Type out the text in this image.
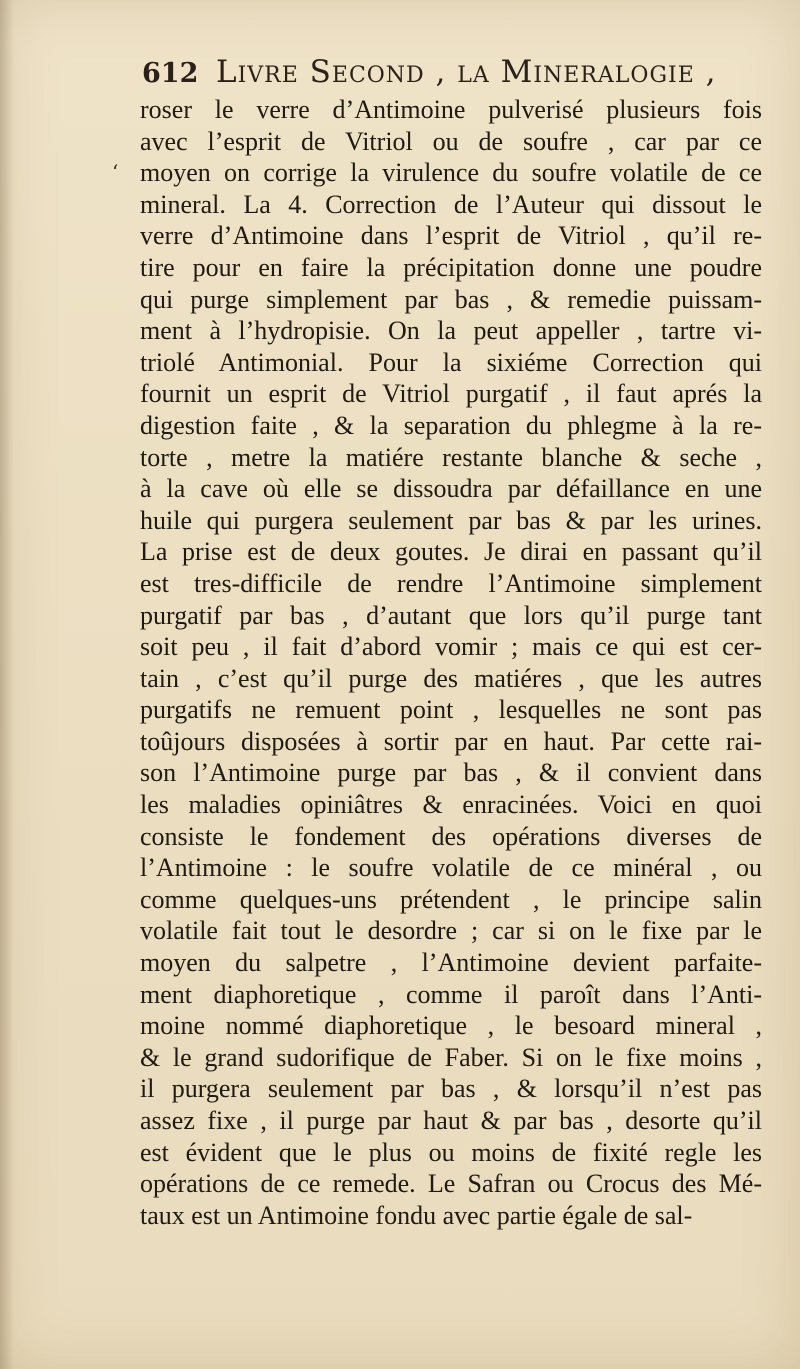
612 Livre Second , la Mineralogie ,
‘
roser le verre d’Antimoine pulverisé plusieurs fois
avec l’esprit de Vitriol ou de soufre , car par ce
moyen on corrige la virulence du soufre volatile de ce
mineral. La 4. Correction de l’Auteur qui dissout le
verre d’Antimoine dans l’esprit de Vitriol , qu’il re-
tire pour en faire la précipitation donne une poudre
qui purge simplement par bas , & remedie puissam-
ment à l’hydropisie. On la peut appeller , tartre vi-
triolé Antimonial. Pour la sixiéme Correction qui
fournit un esprit de Vitriol purgatif , il faut aprés la
digestion faite , & la separation du phlegme à la re-
torte , metre la matiére restante blanche & seche ,
à la cave où elle se dissoudra par défaillance en une
huile qui purgera seulement par bas & par les urines.
La prise est de deux goutes. Je dirai en passant qu’il
est tres-difficile de rendre l’Antimoine simplement
purgatif par bas , d’autant que lors qu’il purge tant
soit peu , il fait d’abord vomir ; mais ce qui est cer-
tain , c’est qu’il purge des matiéres , que les autres
purgatifs ne remuent point , lesquelles ne sont pas
toûjours disposées à sortir par en haut. Par cette rai-
son l’Antimoine purge par bas , & il convient dans
les maladies opiniâtres & enracinées. Voici en quoi
consiste le fondement des opérations diverses de
l’Antimoine : le soufre volatile de ce minéral , ou
comme quelques-uns prétendent , le principe salin
volatile fait tout le desordre ; car si on le fixe par le
moyen du salpetre , l’Antimoine devient parfaite-
ment diaphoretique , comme il paroît dans l’Anti-
moine nommé diaphoretique , le besoard mineral ,
& le grand sudorifique de Faber. Si on le fixe moins ,
il purgera seulement par bas , & lorsqu’il n’est pas
assez fixe , il purge par haut & par bas , desorte qu’il
est évident que le plus ou moins de fixité regle les
opérations de ce remede. Le Safran ou Crocus des Mé-
taux est un Antimoine fondu avec partie égale de sal-
